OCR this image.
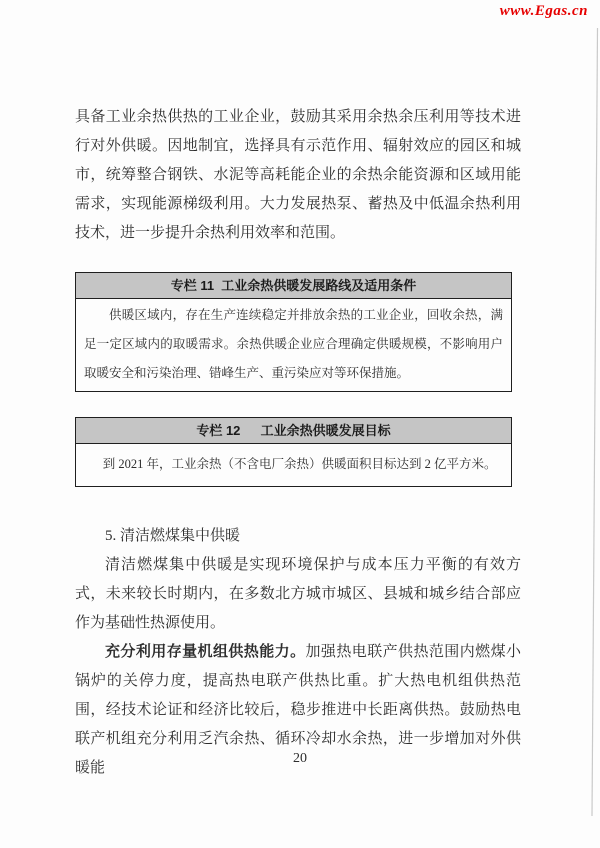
www.Egas.cn

具备工业余热供热的工业企业，鼓励其采用余热余压利用等技术进行对外供暖。因地制宜，选择具有示范作用、辐射效应的园区和城市，统筹整合钢铁、水泥等高耗能企业的余热余能资源和区域用能需求，实现能源梯级利用。大力发展热泵、蓄热及中低温余热利用技术，进一步提升余热利用效率和范围。

专栏 11  工业余热供暖发展路线及适用条件
供暖区域内，存在生产连续稳定并排放余热的工业企业，回收余热，满足一定区域内的取暖需求。余热供暖企业应合理确定供暖规模，不影响用户取暖安全和污染治理、错峰生产、重污染应对等环保措施。
专栏 12　  工业余热供暖发展目标
到 2021 年，工业余热（不含电厂余热）供暖面积目标达到 2 亿平方米。

5. 清洁燃煤集中供暖

清洁燃煤集中供暖是实现环境保护与成本压力平衡的有效方式，未来较长时期内，在多数北方城市城区、县城和城乡结合部应作为基础性热源使用。

充分利用存量机组供热能力。加强热电联产供热范围内燃煤小锅炉的关停力度，提高热电联产供热比重。扩大热电机组供热范围，经技术论证和经济比较后，稳步推进中长距离供热。鼓励热电联产机组充分利用乏汽余热、循环冷却水余热，进一步增加对外供暖能

20
